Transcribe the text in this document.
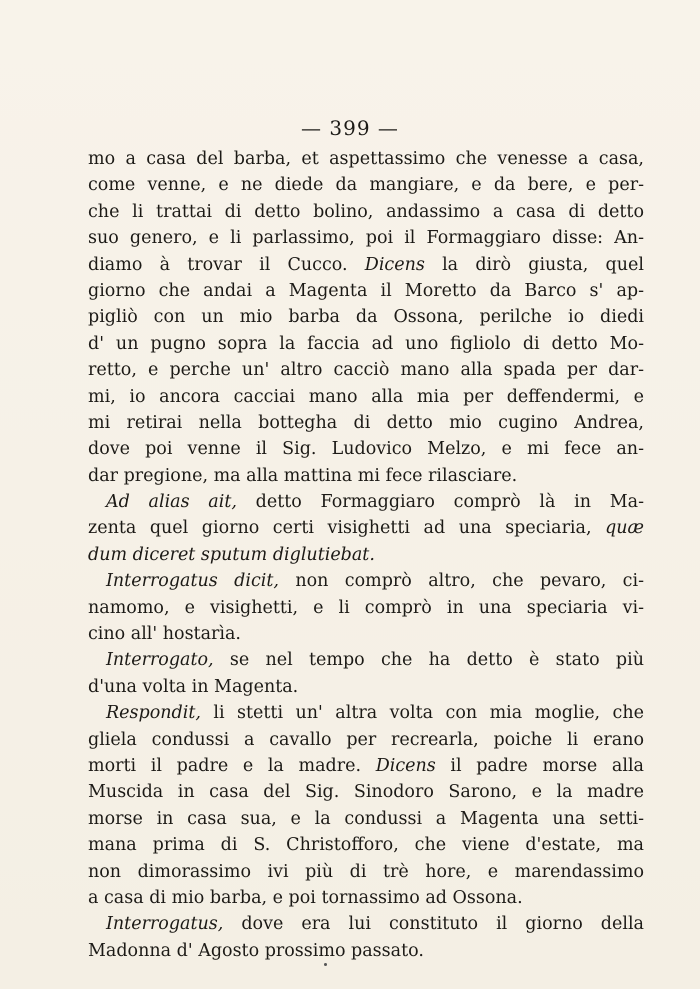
— 399 —
mo a casa del barba, et aspettassimo che venesse a casa,
come venne, e ne diede da mangiare, e da bere, e per-
che li trattai di detto bolino, andassimo a casa di detto
suo genero, e li parlassimo, poi il Formaggiaro disse: An-
diamo à trovar il Cucco. Dicens la dirò giusta, quel
giorno che andai a Magenta il Moretto da Barco s' ap-
pigliò con un mio barba da Ossona, perilche io diedi
d' un pugno sopra la faccia ad uno figliolo di detto Mo-
retto, e perche un' altro cacciò mano alla spada per dar-
mi, io ancora cacciai mano alla mia per deffendermi, e
mi retirai nella bottegha di detto mio cugino Andrea,
dove poi venne il Sig. Ludovico Melzo, e mi fece an-
dar pregione, ma alla mattina mi fece rilasciare.
Ad alias ait, detto Formaggiaro comprò là in Ma-
zenta quel giorno certi visighetti ad una speciaria, quæ
dum diceret sputum diglutiebat.
Interrogatus dicit, non comprò altro, che pevaro, ci-
namomo, e visighetti, e li comprò in una speciaria vi-
cino all' hostarìa.
Interrogato, se nel tempo che ha detto è stato più
d'una volta in Magenta.
Respondit, li stetti un' altra volta con mia moglie, che
gliela condussi a cavallo per recrearla, poiche li erano
morti il padre e la madre. Dicens il padre morse alla
Muscida in casa del Sig. Sinodoro Sarono, e la madre
morse in casa sua, e la condussi a Magenta una setti-
mana prima di S. Christofforo, che viene d'estate, ma
non dimorassimo ivi più di trè hore, e marendassimo
a casa di mio barba, e poi tornassimo ad Ossona.
Interrogatus, dove era lui constituto il giorno della
Madonna d' Agosto prossimo passato.
